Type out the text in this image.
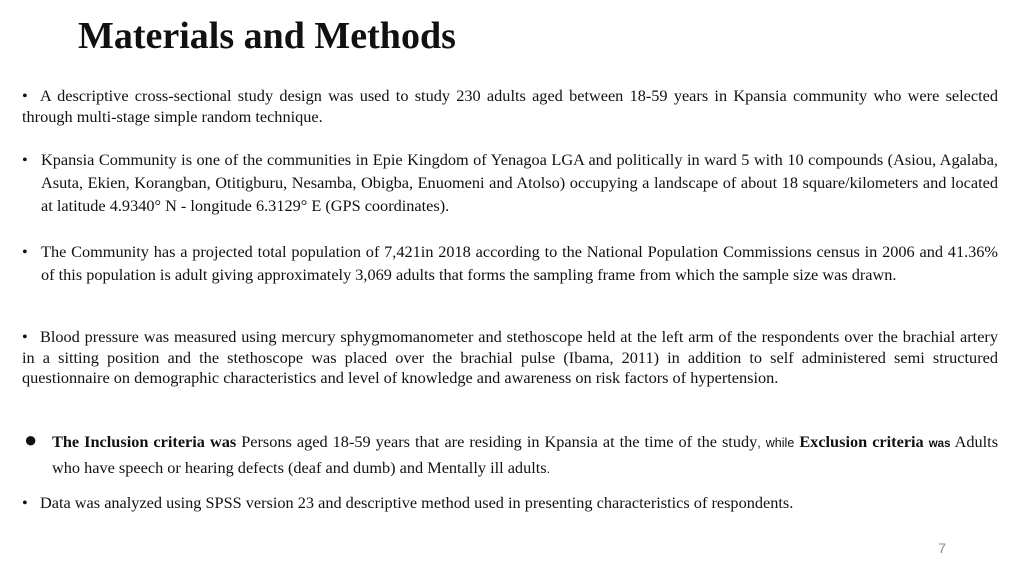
Materials and Methods
• A descriptive cross-sectional study design was used to study 230 adults aged between 18-59 years in Kpansia community who were selected through multi-stage simple random technique.
• Kpansia Community is one of the communities in Epie Kingdom of Yenagoa LGA and politically in ward 5 with 10 compounds (Asiou, Agalaba, Asuta, Ekien, Korangban, Otitigburu, Nesamba, Obigba, Enuomeni and Atolso) occupying a landscape of about 18 square/kilometers and located at latitude 4.9340° N - longitude 6.3129° E (GPS coordinates).
• The Community has a projected total population of 7,421in 2018 according to the National Population Commissions census in 2006 and 41.36% of this population is adult giving approximately 3,069 adults that forms the sampling frame from which the sample size was drawn.
• Blood pressure was measured using mercury sphygmomanometer and stethoscope held at the left arm of the respondents over the brachial artery in a sitting position and the stethoscope was placed over the brachial pulse (Ibama, 2011) in addition to self administered semi structured questionnaire on demographic characteristics and level of knowledge and awareness on risk factors of hypertension.
● The Inclusion criteria was Persons aged 18-59 years that are residing in Kpansia at the time of the study, while Exclusion criteria was Adults who have speech or hearing defects (deaf and dumb) and Mentally ill adults.
• Data was analyzed using SPSS version 23 and descriptive method used in presenting characteristics of respondents.
7
